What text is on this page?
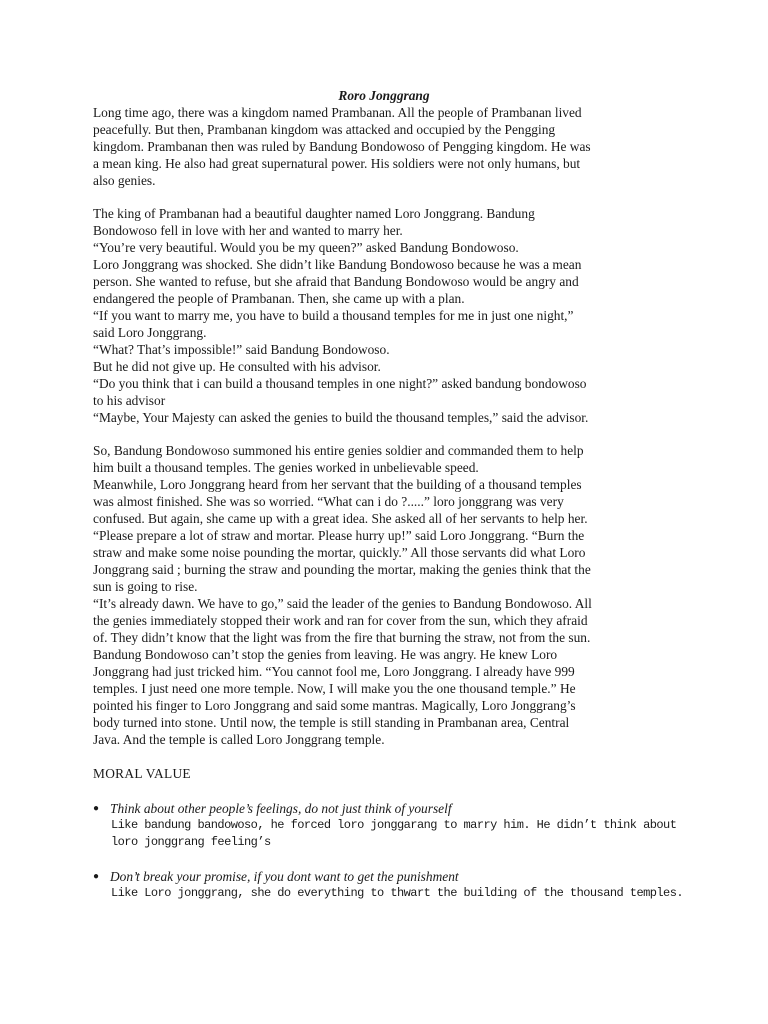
Roro Jonggrang

Long time ago, there was a kingdom named Prambanan. All the people of Prambanan lived
peacefully. But then, Prambanan kingdom was attacked and occupied by the Pengging
kingdom. Prambanan then was ruled by Bandung Bondowoso of Pengging kingdom. He was
a mean king. He also had great supernatural power. His soldiers were not only humans, but
also genies.
The king of Prambanan had a beautiful daughter named Loro Jonggrang. Bandung
Bondowoso fell in love with her and wanted to marry her.
“You’re very beautiful. Would you be my queen?” asked Bandung Bondowoso.
Loro Jonggrang was shocked. She didn’t like Bandung Bondowoso because he was a mean
person. She wanted to refuse, but she afraid that Bandung Bondowoso would be angry and
endangered the people of Prambanan. Then, she came up with a plan.
“If you want to marry me, you have to build a thousand temples for me in just one night,”
said Loro Jonggrang.
“What? That’s impossible!” said Bandung Bondowoso.
But he did not give up. He consulted with his advisor.
“Do you think that i can build a thousand temples in one night?” asked bandung bondowoso
to his advisor
“Maybe, Your Majesty can asked the genies to build the thousand temples,” said the advisor.
So, Bandung Bondowoso summoned his entire genies soldier and commanded them to help
him built a thousand temples. The genies worked in unbelievable speed.
Meanwhile, Loro Jonggrang heard from her servant that the building of a thousand temples
was almost finished. She was so worried. “What can i do ?.....” loro jonggrang was very
confused. But again, she came up with a great idea. She asked all of her servants to help her.
“Please prepare a lot of straw and mortar. Please hurry up!” said Loro Jonggrang. “Burn the
straw and make some noise pounding the mortar, quickly.” All those servants did what Loro
Jonggrang said ; burning the straw and pounding the mortar, making the genies think that the
sun is going to rise.
“It’s already dawn. We have to go,” said the leader of the genies to Bandung Bondowoso. All
the genies immediately stopped their work and ran for cover from the sun, which they afraid
of. They didn’t know that the light was from the fire that burning the straw, not from the sun.
Bandung Bondowoso can’t stop the genies from leaving. He was angry. He knew Loro
Jonggrang had just tricked him. “You cannot fool me, Loro Jonggrang. I already have 999
temples. I just need one more temple. Now, I will make you the one thousand temple.” He
pointed his finger to Loro Jonggrang and said some mantras. Magically, Loro Jonggrang’s
body turned into stone. Until now, the temple is still standing in Prambanan area, Central
Java. And the temple is called Loro Jonggrang temple.

MORAL VALUE

● Think about other people’s feelings, do not just think of yourself
Like bandung bandowoso, he forced loro jonggarang to marry him. He didn’t think about
loro jonggrang feeling’s
● Don’t break your promise, if you dont want to get the punishment
Like Loro jonggrang, she do everything to thwart the building of the thousand temples.
